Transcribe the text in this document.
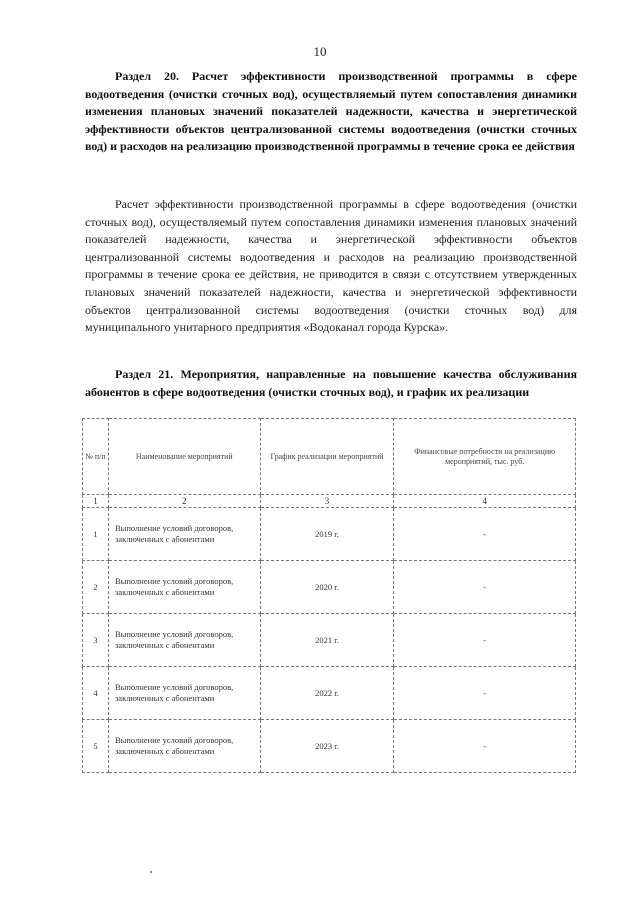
10
Раздел 20. Расчет эффективности производственной программы в сфере водоотведения (очистки сточных вод), осуществляемый путем сопоставления динамики изменения плановых значений показателей надежности, качества и энергетической эффективности объектов централизованной системы водоотведения (очистки сточных вод) и расходов на реализацию производственной программы в течение срока ее действия
Расчет эффективности производственной программы в сфере водоотведения (очистки сточных вод), осуществляемый путем сопоставления динамики изменения плановых значений показателей надежности, качества и энергетической эффективности объектов централизованной системы водоотведения и расходов на реализацию производственной программы в течение срока ее действия, не приводится в связи с отсутствием утвержденных плановых значений показателей надежности, качества и энергетической эффективности объектов централизованной системы водоотведения (очистки сточных вод) для муниципального унитарного предприятия «Водоканал города Курска».
Раздел 21. Мероприятия, направленные на повышение качества обслуживания абонентов в сфере водоотведения (очистки сточных вод), и график их реализации
№ п/п	Наименование мероприятий	График реализации мероприятий	Финансовые потребности на реализацию мероприятий, тыс. руб.
1	2	3	4
1	Выполнение условий договоров, заключенных с абонентами	2019 г.	-
2	Выполнение условий договоров, заключенных с абонентами	2020 г.	-
3	Выполнение условий договоров, заключенных с абонентами	2021 г.	-
4	Выполнение условий договоров, заключенных с абонентами	2022 г.	-
5	Выполнение условий договоров, заключенных с абонентами	2023 г.	-
